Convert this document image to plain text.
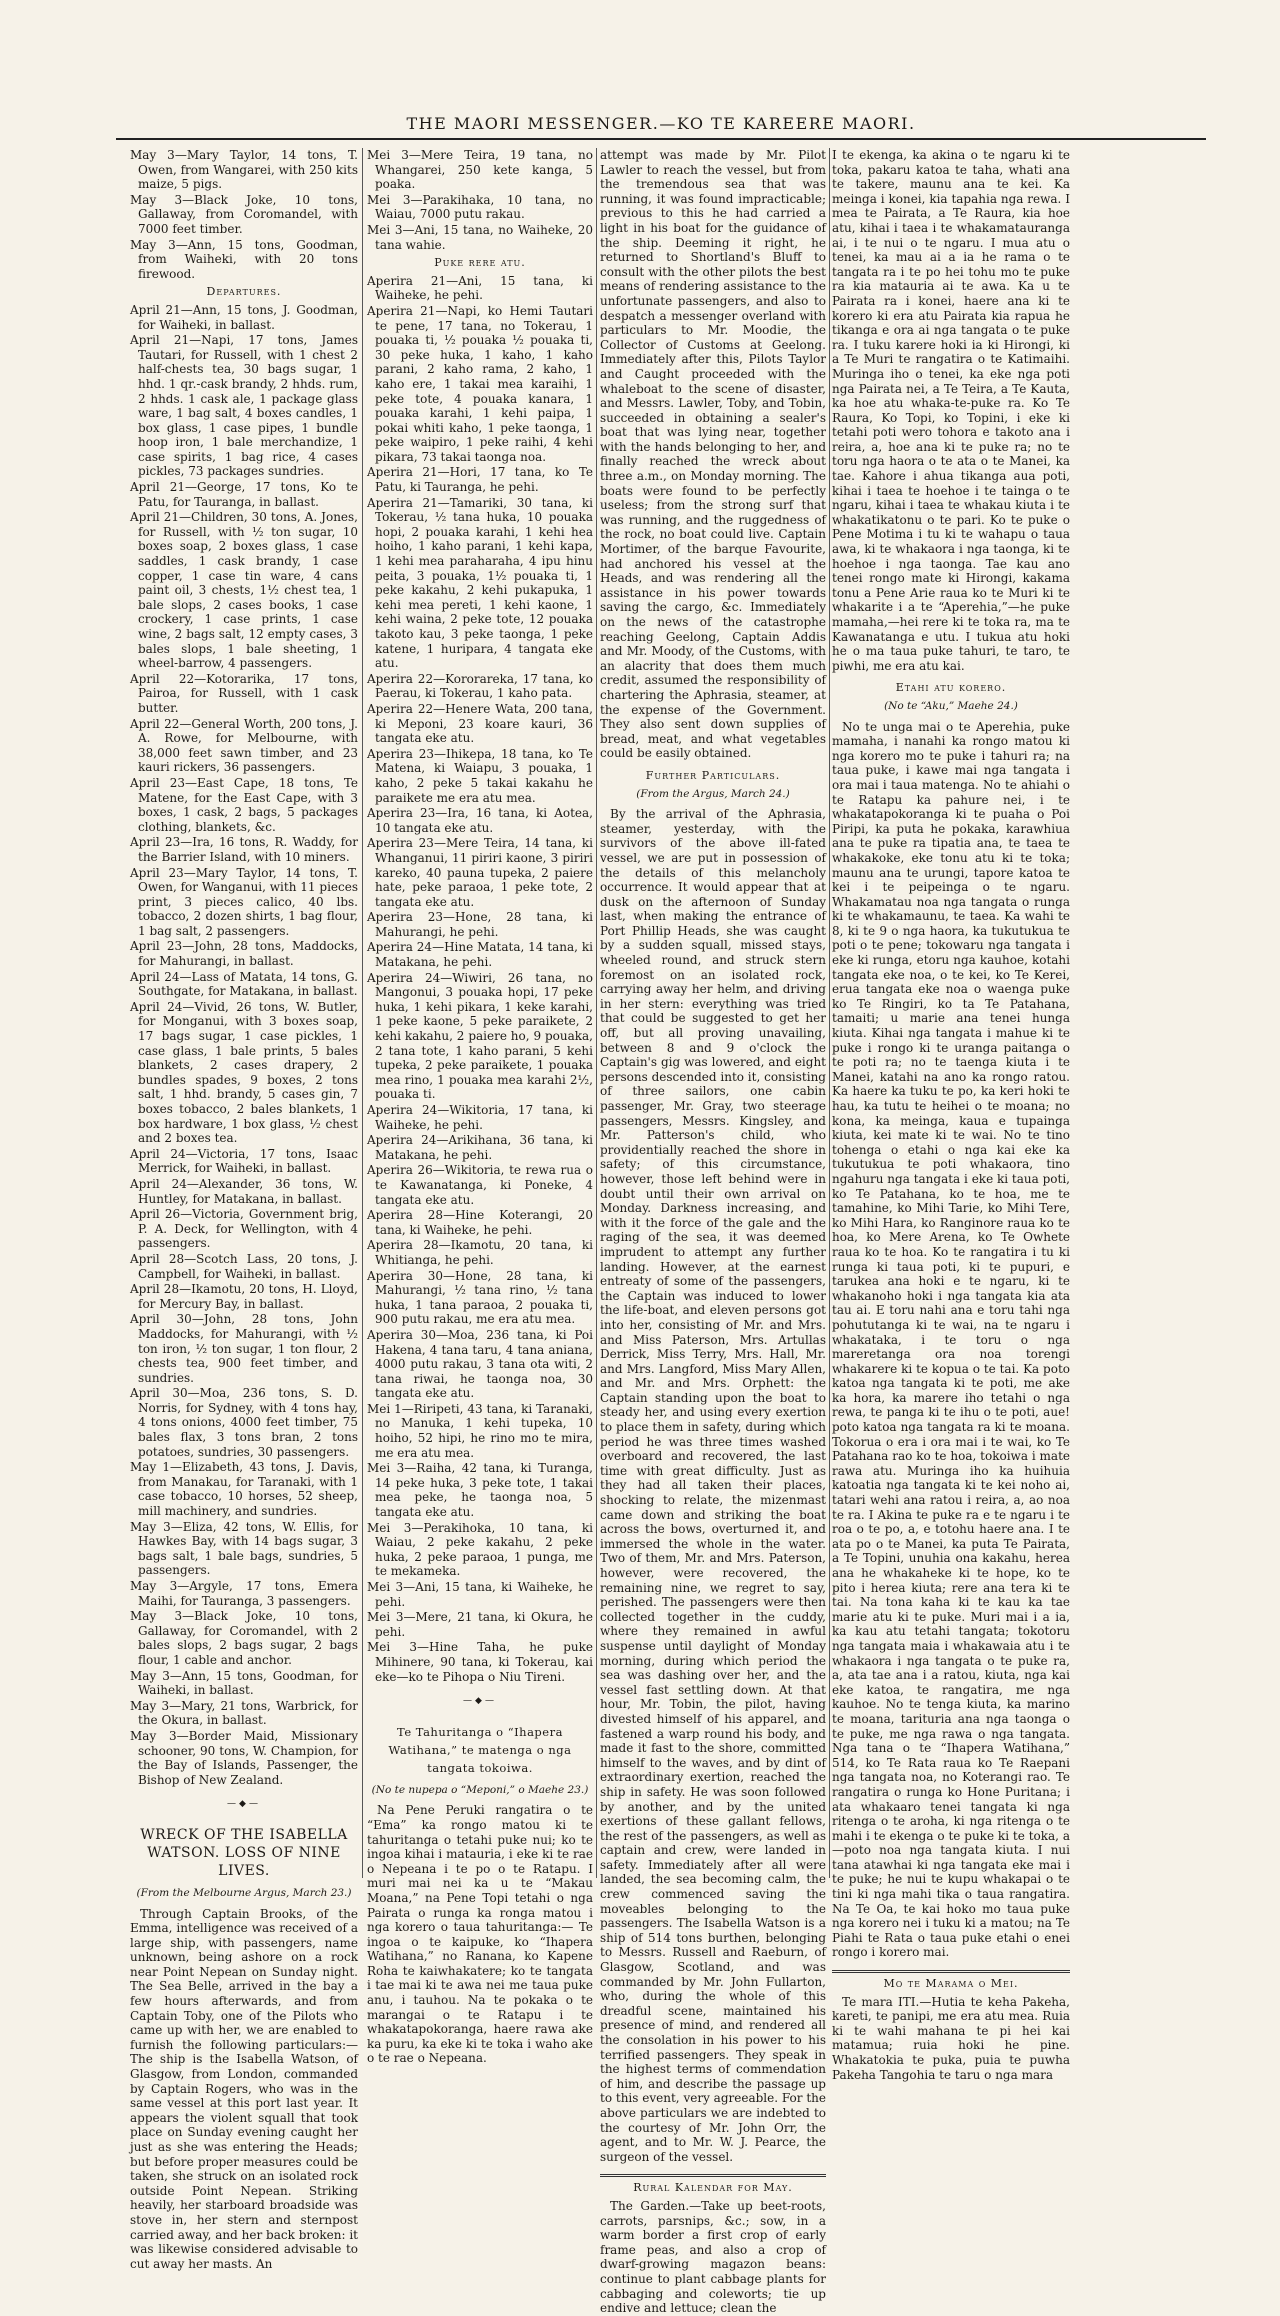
THE MAORI MESSENGER.—KO TE KAREERE MAORI.

May 3—Mary Taylor, 14 tons, T. Owen, from Wangarei, with 250 kits maize, 5 pigs.

May 3—Black Joke, 10 tons, Gallaway, from Coromandel, with 7000 feet timber.

May 3—Ann, 15 tons, Goodman, from Waiheki, with 20 tons firewood.

Departures.

April 21—Ann, 15 tons, J. Goodman, for Waiheki, in ballast.

April 21—Napi, 17 tons, James Tautari, for Russell, with 1 chest 2 half-chests tea, 30 bags sugar, 1 hhd. 1 qr.-cask brandy, 2 hhds. rum, 2 hhds. 1 cask ale, 1 package glass ware, 1 bag salt, 4 boxes candles, 1 box glass, 1 case pipes, 1 bundle hoop iron, 1 bale merchandize, 1 case spirits, 1 bag rice, 4 cases pickles, 73 packages sundries.

April 21—George, 17 tons, Ko te Patu, for Tauranga, in ballast.

April 21—Children, 30 tons, A. Jones, for Russell, with ½ ton sugar, 10 boxes soap, 2 boxes glass, 1 case saddles, 1 cask brandy, 1 case copper, 1 case tin ware, 4 cans paint oil, 3 chests, 1½ chest tea, 1 bale slops, 2 cases books, 1 case crockery, 1 case prints, 1 case wine, 2 bags salt, 12 empty cases, 3 bales slops, 1 bale sheeting, 1 wheel-barrow, 4 passengers.

April 22—Kotorarika, 17 tons, Pairoa, for Russell, with 1 cask butter.

April 22—General Worth, 200 tons, J. A. Rowe, for Melbourne, with 38,000 feet sawn timber, and 23 kauri rickers, 36 passengers.

April 23—East Cape, 18 tons, Te Matene, for the East Cape, with 3 boxes, 1 cask, 2 bags, 5 packages clothing, blankets, &c.

April 23—Ira, 16 tons, R. Waddy, for the Barrier Island, with 10 miners.

April 23—Mary Taylor, 14 tons, T. Owen, for Wanganui, with 11 pieces print, 3 pieces calico, 40 lbs. tobacco, 2 dozen shirts, 1 bag flour, 1 bag salt, 2 passengers.

April 23—John, 28 tons, Maddocks, for Mahurangi, in ballast.

April 24—Lass of Matata, 14 tons, G. Southgate, for Matakana, in ballast.

April 24—Vivid, 26 tons, W. Butler, for Monganui, with 3 boxes soap, 17 bags sugar, 1 case pickles, 1 case glass, 1 bale prints, 5 bales blankets, 2 cases drapery, 2 bundles spades, 9 boxes, 2 tons salt, 1 hhd. brandy, 5 cases gin, 7 boxes tobacco, 2 bales blankets, 1 box hardware, 1 box glass, ½ chest and 2 boxes tea.

April 24—Victoria, 17 tons, Isaac Merrick, for Waiheki, in ballast.

April 24—Alexander, 36 tons, W. Huntley, for Matakana, in ballast.

April 26—Victoria, Government brig, P. A. Deck, for Wellington, with 4 passengers.

April 28—Scotch Lass, 20 tons, J. Campbell, for Waiheki, in ballast.

April 28—Ikamotu, 20 tons, H. Lloyd, for Mercury Bay, in ballast.

April 30—John, 28 tons, John Maddocks, for Mahurangi, with ½ ton iron, ½ ton sugar, 1 ton flour, 2 chests tea, 900 feet timber, and sundries.

April 30—Moa, 236 tons, S. D. Norris, for Sydney, with 4 tons hay, 4 tons onions, 4000 feet timber, 75 bales flax, 3 tons bran, 2 tons potatoes, sundries, 30 passengers.

May 1—Elizabeth, 43 tons, J. Davis, from Manakau, for Taranaki, with 1 case tobacco, 10 horses, 52 sheep, mill machinery, and sundries.

May 3—Eliza, 42 tons, W. Ellis, for Hawkes Bay, with 14 bags sugar, 3 bags salt, 1 bale bags, sundries, 5 passengers.

May 3—Argyle, 17 tons, Emera Maihi, for Tauranga, 3 passengers.

May 3—Black Joke, 10 tons, Gallaway, for Coromandel, with 2 bales slops, 2 bags sugar, 2 bags flour, 1 cable and anchor.

May 3—Ann, 15 tons, Goodman, for Waiheki, in ballast.

May 3—Mary, 21 tons, Warbrick, for the Okura, in ballast.

May 3—Border Maid, Missionary schooner, 90 tons, W. Champion, for the Bay of Islands, Passenger, the Bishop of New Zealand.

—◆—
WRECK OF THE ISABELLA WATSON. LOSS OF NINE LIVES.
(From the Melbourne Argus, March 23.)

Through Captain Brooks, of the Emma, intelligence was received of a large ship, with passengers, name unknown, being ashore on a rock near Point Nepean on Sunday night. The Sea Belle, arrived in the bay a few hours afterwards, and from Captain Toby, one of the Pilots who came up with her, we are enabled to furnish the following particulars:— The ship is the Isabella Watson, of Glasgow, from London, commanded by Captain Rogers, who was in the same vessel at this port last year. It appears the violent squall that took place on Sunday evening caught her just as she was entering the Heads; but before proper measures could be taken, she struck on an isolated rock outside Point Nepean. Striking heavily, her starboard broadside was stove in, her stern and sternpost carried away, and her back broken: it was likewise considered advisable to cut away her masts. An

Mei 3—Mere Teira, 19 tana, no Whangarei, 250 kete kanga, 5 poaka.

Mei 3—Parakihaka, 10 tana, no Waiau, 7000 putu rakau.

Mei 3—Ani, 15 tana, no Waiheke, 20 tana wahie.

Puke rere atu.

Aperira 21—Ani, 15 tana, ki Waiheke, he pehi.

Aperira 21—Napi, ko Hemi Tautari te pene, 17 tana, no Tokerau, 1 pouaka ti, ½ pouaka ½ pouaka ti, 30 peke huka, 1 kaho, 1 kaho parani, 2 kaho rama, 2 kaho, 1 kaho ere, 1 takai mea karaihi, 1 peke tote, 4 pouaka kanara, 1 pouaka karahi, 1 kehi paipa, 1 pokai whiti kaho, 1 peke taonga, 1 peke waipiro, 1 peke raihi, 4 kehi pikara, 73 takai taonga noa.

Aperira 21—Hori, 17 tana, ko Te Patu, ki Tauranga, he pehi.

Aperira 21—Tamariki, 30 tana, ki Tokerau, ½ tana huka, 10 pouaka hopi, 2 pouaka karahi, 1 kehi hea hoiho, 1 kaho parani, 1 kehi kapa, 1 kehi mea paraharaha, 4 ipu hinu peita, 3 pouaka, 1½ pouaka ti, 1 peke kakahu, 2 kehi pukapuka, 1 kehi mea pereti, 1 kehi kaone, 1 kehi waina, 2 peke tote, 12 pouaka takoto kau, 3 peke taonga, 1 peke katene, 1 huripara, 4 tangata eke atu.

Aperira 22—Kororareka, 17 tana, ko Paerau, ki Tokerau, 1 kaho pata.

Aperira 22—Henere Wata, 200 tana, ki Meponi, 23 koare kauri, 36 tangata eke atu.

Aperira 23—Ihikepa, 18 tana, ko Te Matena, ki Waiapu, 3 pouaka, 1 kaho, 2 peke 5 takai kakahu he paraikete me era atu mea.

Aperira 23—Ira, 16 tana, ki Aotea, 10 tangata eke atu.

Aperira 23—Mere Teira, 14 tana, ki Whanganui, 11 piriri kaone, 3 piriri kareko, 40 pauna tupeka, 2 paiere hate, peke paraoa, 1 peke tote, 2 tangata eke atu.

Aperira 23—Hone, 28 tana, ki Mahurangi, he pehi.

Aperira 24—Hine Matata, 14 tana, ki Matakana, he pehi.

Aperira 24—Wiwiri, 26 tana, no Mangonui, 3 pouaka hopi, 17 peke huka, 1 kehi pikara, 1 keke karahi, 1 peke kaone, 5 peke paraikete, 2 kehi kakahu, 2 paiere ho, 9 pouaka, 2 tana tote, 1 kaho parani, 5 kehi tupeka, 2 peke paraikete, 1 pouaka mea rino, 1 pouaka mea karahi 2½, pouaka ti.

Aperira 24—Wikitoria, 17 tana, ki Waiheke, he pehi.

Aperira 24—Arikihana, 36 tana, ki Matakana, he pehi.

Aperira 26—Wikitoria, te rewa rua o te Kawanatanga, ki Poneke, 4 tangata eke atu.

Aperira 28—Hine Koterangi, 20 tana, ki Waiheke, he pehi.

Aperira 28—Ikamotu, 20 tana, ki Whitianga, he pehi.

Aperira 30—Hone, 28 tana, ki Mahurangi, ½ tana rino, ½ tana huka, 1 tana paraoa, 2 pouaka ti, 900 putu rakau, me era atu mea.

Aperira 30—Moa, 236 tana, ki Poi Hakena, 4 tana taru, 4 tana aniana, 4000 putu rakau, 3 tana ota witi, 2 tana riwai, he taonga noa, 30 tangata eke atu.

Mei 1—Riripeti, 43 tana, ki Taranaki, no Manuka, 1 kehi tupeka, 10 hoiho, 52 hipi, he rino mo te mira, me era atu mea.

Mei 3—Raiha, 42 tana, ki Turanga, 14 peke huka, 3 peke tote, 1 takai mea peke, he taonga noa, 5 tangata eke atu.

Mei 3—Perakihoka, 10 tana, ki Waiau, 2 peke kakahu, 2 peke huka, 2 peke paraoa, 1 punga, me te mekameka.

Mei 3—Ani, 15 tana, ki Waiheke, he pehi.

Mei 3—Mere, 21 tana, ki Okura, he pehi.

Mei 3—Hine Taha, he puke Mihinere, 90 tana, ki Tokerau, kai eke—ko te Pihopa o Niu Tireni.

—◆—
Te Tahuritanga o “Ihapera Watihana,” te matenga o nga tangata tokoiwa.
(No te nupepa o “Meponi,” o Maehe 23.)

Na Pene Peruki rangatira o te “Ema” ka rongo matou ki te tahuritanga o tetahi puke nui; ko te ingoa kihai i matauria, i eke ki te rae o Nepeana i te po o te Ratapu. I muri mai nei ka u te “Makau Moana,” na Pene Topi tetahi o nga Pairata o runga ka ronga matou i nga korero o taua tahuritanga:— Te ingoa o te kaipuke, ko “Ihapera Watihana,” no Ranana, ko Kapene Roha te kaiwhakatere; ko te tangata i tae mai ki te awa nei me taua puke anu, i tauhou. Na te pokaka o te marangai o te Ratapu i te whakatapokoranga, haere rawa ake ka puru, ka eke ki te toka i waho ake o te rae o Nepeana.

attempt was made by Mr. Pilot Lawler to reach the vessel, but from the tremendous sea that was running, it was found impracticable; previous to this he had carried a light in his boat for the guidance of the ship. Deeming it right, he returned to Shortland's Bluff to consult with the other pilots the best means of rendering assistance to the unfortunate passengers, and also to despatch a messenger overland with particulars to Mr. Moodie, the Collector of Customs at Geelong. Immediately after this, Pilots Taylor and Caught proceeded with the whaleboat to the scene of disaster, and Messrs. Lawler, Toby, and Tobin, succeeded in obtaining a sealer's boat that was lying near, together with the hands belonging to her, and finally reached the wreck about three a.m., on Monday morning. The boats were found to be perfectly useless; from the strong surf that was running, and the ruggedness of the rock, no boat could live. Captain Mortimer, of the barque Favourite, had anchored his vessel at the Heads, and was rendering all the assistance in his power towards saving the cargo, &c. Immediately on the news of the catastrophe reaching Geelong, Captain Addis and Mr. Moody, of the Customs, with an alacrity that does them much credit, assumed the responsibility of chartering the Aphrasia, steamer, at the expense of the Government. They also sent down supplies of bread, meat, and what vegetables could be easily obtained.

Further Particulars.
(From the Argus, March 24.)

By the arrival of the Aphrasia, steamer, yesterday, with the survivors of the above ill-fated vessel, we are put in possession of the details of this melancholy occurrence. It would appear that at dusk on the afternoon of Sunday last, when making the entrance of Port Phillip Heads, she was caught by a sudden squall, missed stays, wheeled round, and struck stern foremost on an isolated rock, carrying away her helm, and driving in her stern: everything was tried that could be suggested to get her off, but all proving unavailing, between 8 and 9 o'clock the Captain's gig was lowered, and eight persons descended into it, consisting of three sailors, one cabin passenger, Mr. Gray, two steerage passengers, Messrs. Kingsley, and Mr. Patterson's child, who providentially reached the shore in safety; of this circumstance, however, those left behind were in doubt until their own arrival on Monday. Darkness increasing, and with it the force of the gale and the raging of the sea, it was deemed imprudent to attempt any further landing. However, at the earnest entreaty of some of the passengers, the Captain was induced to lower the life-boat, and eleven persons got into her, consisting of Mr. and Mrs. and Miss Paterson, Mrs. Artullas Derrick, Miss Terry, Mrs. Hall, Mr. and Mrs. Langford, Miss Mary Allen, and Mr. and Mrs. Orphett: the Captain standing upon the boat to steady her, and using every exertion to place them in safety, during which period he was three times washed overboard and recovered, the last time with great difficulty. Just as they had all taken their places, shocking to relate, the mizenmast came down and striking the boat across the bows, overturned it, and immersed the whole in the water. Two of them, Mr. and Mrs. Paterson, however, were recovered, the remaining nine, we regret to say, perished. The passengers were then collected together in the cuddy, where they remained in awful suspense until daylight of Monday morning, during which period the sea was dashing over her, and the vessel fast settling down. At that hour, Mr. Tobin, the pilot, having divested himself of his apparel, and fastened a warp round his body, and made it fast to the shore, committed himself to the waves, and by dint of extraordinary exertion, reached the ship in safety. He was soon followed by another, and by the united exertions of these gallant fellows, the rest of the passengers, as well as captain and crew, were landed in safety. Immediately after all were landed, the sea becoming calm, the crew commenced saving the moveables belonging to the passengers. The Isabella Watson is a ship of 514 tons burthen, belonging to Messrs. Russell and Raeburn, of Glasgow, Scotland, and was commanded by Mr. John Fullarton, who, during the whole of this dreadful scene, maintained his presence of mind, and rendered all the consolation in his power to his terrified passengers. They speak in the highest terms of commendation of him, and describe the passage up to this event, very agreeable. For the above particulars we are indebted to the courtesy of Mr. John Orr, the agent, and to Mr. W. J. Pearce, the surgeon of the vessel.

Rural Kalendar for May.

The Garden.—Take up beet-roots, carrots, parsnips, &c.; sow, in a warm border a first crop of early frame peas, and also a crop of dwarf-growing magazon beans: continue to plant cabbage plants for cabbaging and coleworts; tie up endive and lettuce; clean the

I te ekenga, ka akina o te ngaru ki te toka, pakaru katoa te taha, whati ana te takere, maunu ana te kei. Ka meinga i konei, kia tapahia nga rewa. I mea te Pairata, a Te Raura, kia hoe atu, kihai i taea i te whakamatauranga ai, i te nui o te ngaru. I mua atu o tenei, ka mau ai a ia he rama o te tangata ra i te po hei tohu mo te puke ra kia matauria ai te awa. Ka u te Pairata ra i konei, haere ana ki te korero ki era atu Pairata kia rapua he tikanga e ora ai nga tangata o te puke ra. I tuku karere hoki ia ki Hirongi, ki a Te Muri te rangatira o te Katimaihi. Muringa iho o tenei, ka eke nga poti nga Pairata nei, a Te Teira, a Te Kauta, ka hoe atu whaka-te-puke ra. Ko Te Raura, Ko Topi, ko Topini, i eke ki tetahi poti wero tohora e takoto ana i reira, a, hoe ana ki te puke ra; no te toru nga haora o te ata o te Manei, ka tae. Kahore i ahua tikanga aua poti, kihai i taea te hoehoe i te tainga o te ngaru, kihai i taea te whakau kiuta i te whakatikatonu o te pari. Ko te puke o Pene Motima i tu ki te wahapu o taua awa, ki te whakaora i nga taonga, ki te hoehoe i nga taonga. Tae kau ano tenei rongo mate ki Hirongi, kakama tonu a Pene Arie raua ko te Muri ki te whakarite i a te “Aperehia,”—he puke mamaha,—hei rere ki te toka ra, ma te Kawanatanga e utu. I tukua atu hoki he o ma taua puke tahuri, te taro, te piwhi, me era atu kai.

Etahi atu korero.
(No te “Aku,” Maehe 24.)

No te unga mai o te Aperehia, puke mamaha, i nanahi ka rongo matou ki nga korero mo te puke i tahuri ra; na taua puke, i kawe mai nga tangata i ora mai i taua matenga. No te ahiahi o te Ratapu ka pahure nei, i te whakatapokoranga ki te puaha o Poi Piripi, ka puta he pokaka, karawhiua ana te puke ra tipatia ana, te taea te whakakoke, eke tonu atu ki te toka; maunu ana te urungi, tapore katoa te kei i te peipeinga o te ngaru. Whakamatau noa nga tangata o runga ki te whakamaunu, te taea. Ka wahi te 8, ki te 9 o nga haora, ka tukutukua te poti o te pene; tokowaru nga tangata i eke ki runga, etoru nga kauhoe, kotahi tangata eke noa, o te kei, ko Te Kerei, erua tangata eke noa o waenga puke ko Te Ringiri, ko ta Te Patahana, tamaiti; u marie ana tenei hunga kiuta. Kihai nga tangata i mahue ki te puke i rongo ki te uranga paitanga o te poti ra; no te taenga kiuta i te Manei, katahi na ano ka rongo ratou. Ka haere ka tuku te po, ka keri hoki te hau, ka tutu te heihei o te moana; no kona, ka meinga, kaua e tupainga kiuta, kei mate ki te wai. No te tino tohenga o etahi o nga kai eke ka tukutukua te poti whakaora, tino ngahuru nga tangata i eke ki taua poti, ko Te Patahana, ko te hoa, me te tamahine, ko Mihi Tarie, ko Mihi Tere, ko Mihi Hara, ko Ranginore raua ko te hoa, ko Mere Arena, ko Te Owhete raua ko te hoa. Ko te rangatira i tu ki runga ki taua poti, ki te pupuri, e tarukea ana hoki e te ngaru, ki te whakanoho hoki i nga tangata kia ata tau ai. E toru nahi ana e toru tahi nga pohututanga ki te wai, na te ngaru i whakataka, i te toru o nga mareretanga ora noa torengi whakarere ki te kopua o te tai. Ka poto katoa nga tangata ki te poti, me ake ka hora, ka marere iho tetahi o nga rewa, te panga ki te ihu o te poti, aue! poto katoa nga tangata ra ki te moana. Tokorua o era i ora mai i te wai, ko Te Patahana rao ko te hoa, tokoiwa i mate rawa atu. Muringa iho ka huihuia katoatia nga tangata ki te kei noho ai, tatari wehi ana ratou i reira, a, ao noa te ra. I Akina te puke ra e te ngaru i te roa o te po, a, e totohu haere ana. I te ata po o te Manei, ka puta Te Pairata, a Te Topini, unuhia ona kakahu, herea ana he whakaheke ki te hope, ko te pito i herea kiuta; rere ana tera ki te tai. Na tona kaha ki te kau ka tae marie atu ki te puke. Muri mai i a ia, ka kau atu tetahi tangata; tokotoru nga tangata maia i whakawaia atu i te whakaora i nga tangata o te puke ra, a, ata tae ana i a ratou, kiuta, nga kai eke katoa, te rangatira, me nga kauhoe. No te tenga kiuta, ka marino te moana, tarituria ana nga taonga o te puke, me nga rawa o nga tangata. Nga tana o te “Ihapera Watihana,” 514, ko Te Rata raua ko Te Raepani nga tangata noa, no Koterangi rao. Te rangatira o runga ko Hone Puritana; i ata whakaaro tenei tangata ki nga ritenga o te aroha, ki nga ritenga o te mahi i te ekenga o te puke ki te toka, a—poto noa nga tangata kiuta. I nui tana atawhai ki nga tangata eke mai i te puke; he nui te kupu whakapai o te tini ki nga mahi tika o taua rangatira. Na Te Oa, te kai hoko mo taua puke nga korero nei i tuku ki a matou; na Te Piahi te Rata o taua puke etahi o enei rongo i korero mai.

Mo te Marama o Mei.

Te mara ITI.—Hutia te keha Pakeha, kareti, te panipi, me era atu mea. Ruia ki te wahi mahana te pi hei kai matamua; ruia hoki he pine. Whakatokia te puka, puia te puwha Pakeha Tangohia te taru o nga mara
